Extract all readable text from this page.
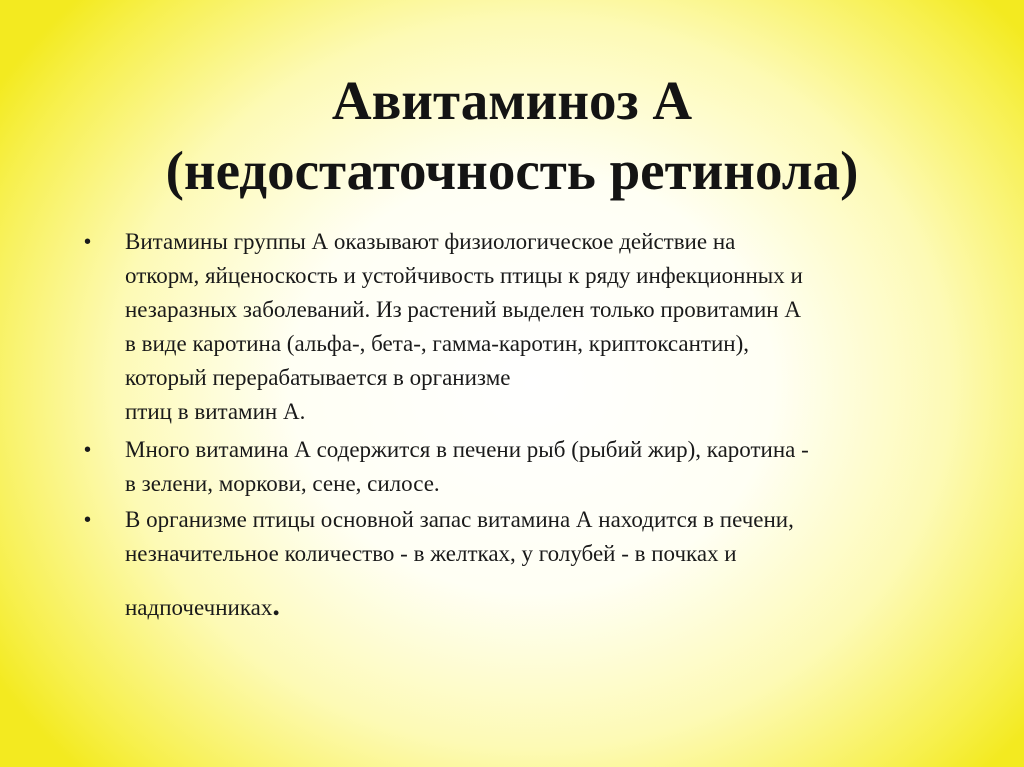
Авитаминоз А
(недостаточность ретинола)
•	Витамины группы А оказывают физиологическое действие на
откорм, яйценоскость и устойчивость птицы к ряду инфекционных и
незаразных заболеваний. Из растений выделен только провитамин А
в виде каротина (альфа-, бета-, гамма-каротин, криптоксантин),
который перерабатывается в организме
птиц в витамин А.
•	Много витамина А содержится в печени рыб (рыбий жир), каротина -
в зелени, моркови, сене, силосе.
•	В организме птицы основной запас витамина А находится в печени,
незначительное количество - в желтках, у голубей - в почках и
надпочечниках.
